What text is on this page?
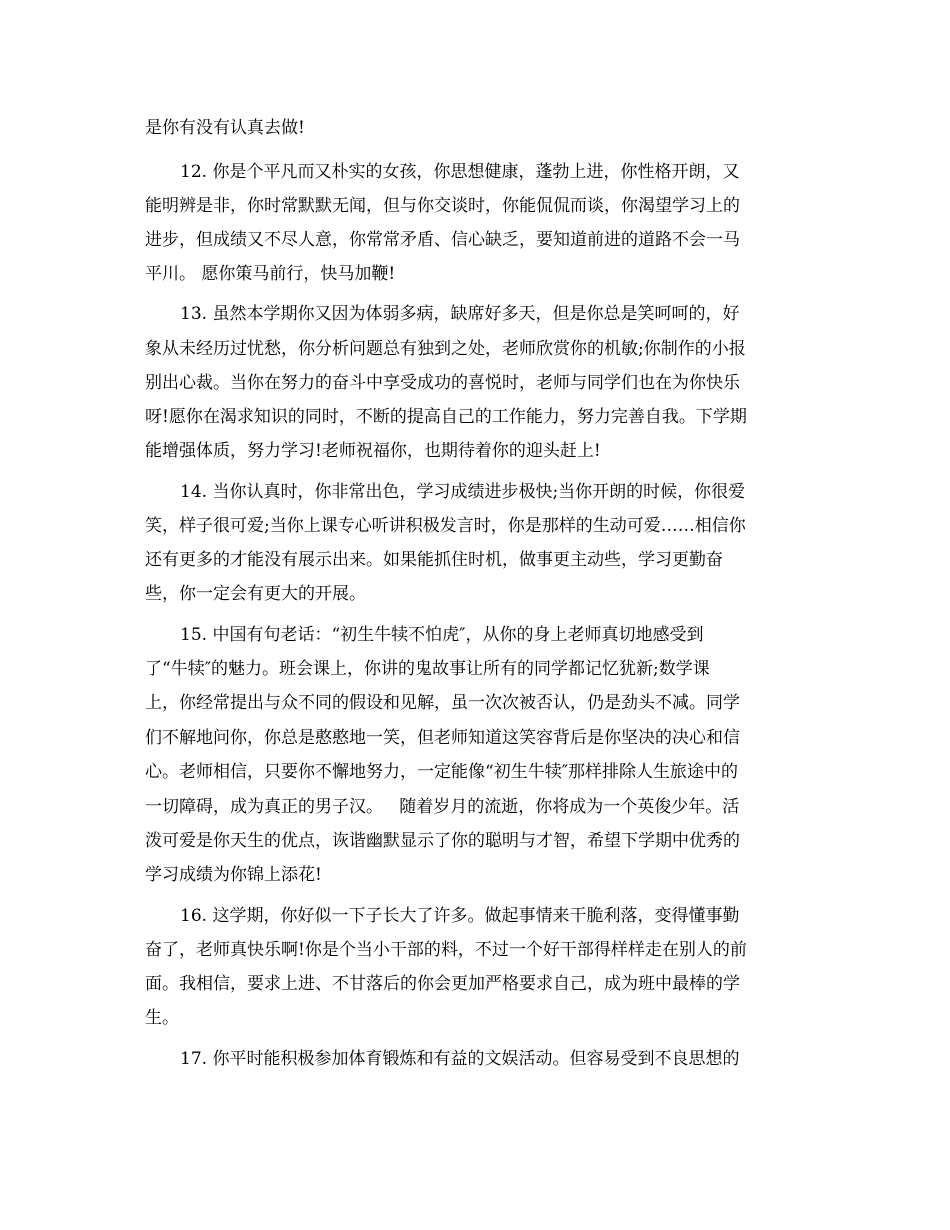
是你有没有认真去做!

12. 你是个平凡而又朴实的女孩，你思想健康，蓬勃上进，你性格开朗，又

能明辨是非，你时常默默无闻，但与你交谈时，你能侃侃而谈，你渴望学习上的

进步，但成绩又不尽人意，你常常矛盾、信心缺乏，要知道前进的道路不会一马

平川。 愿你策马前行，快马加鞭!

13. 虽然本学期你又因为体弱多病，缺席好多天，但是你总是笑呵呵的，好

象从未经历过忧愁，你分析问题总有独到之处，老师欣赏你的机敏;你制作的小报

别出心裁。当你在努力的奋斗中享受成功的喜悦时，老师与同学们也在为你快乐

呀!愿你在渴求知识的同时，不断的提高自己的工作能力，努力完善自我。下学期

能增强体质，努力学习!老师祝福你，也期待着你的迎头赶上!

14. 当你认真时，你非常出色，学习成绩进步极快;当你开朗的时候，你很爱

笑，样子很可爱;当你上课专心听讲积极发言时，你是那样的生动可爱……相信你

还有更多的才能没有展示出来。如果能抓住时机，做事更主动些，学习更勤奋

些，你一定会有更大的开展。

15. 中国有句老话：“初生牛犊不怕虎″，从你的身上老师真切地感受到

了“牛犊″的魅力。班会课上，你讲的鬼故事让所有的同学都记忆犹新;数学课

上，你经常提出与众不同的假设和见解，虽一次次被否认，仍是劲头不减。同学

们不解地问你，你总是憨憨地一笑，但老师知道这笑容背后是你坚决的决心和信

心。老师相信，只要你不懈地努力，一定能像“初生牛犊″那样排除人生旅途中的

一切障碍，成为真正的男子汉。   随着岁月的流逝，你将成为一个英俊少年。活

泼可爱是你天生的优点，诙谐幽默显示了你的聪明与才智，希望下学期中优秀的

学习成绩为你锦上添花!

16. 这学期，你好似一下子长大了许多。做起事情来干脆利落，变得懂事勤

奋了，老师真快乐啊!你是个当小干部的料，不过一个好干部得样样走在别人的前

面。我相信，要求上进、不甘落后的你会更加严格要求自己，成为班中最棒的学

生。

17. 你平时能积极参加体育锻炼和有益的文娱活动。但容易受到不良思想的
